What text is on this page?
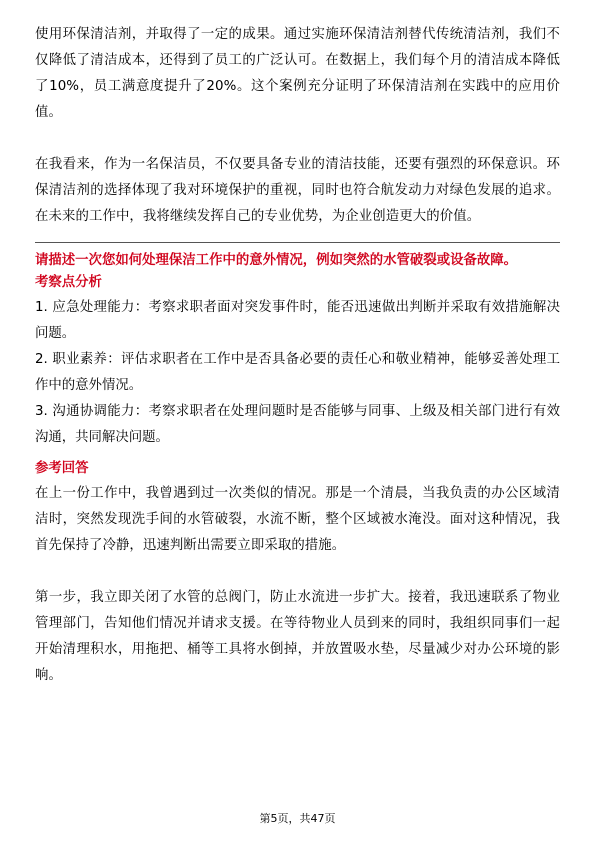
使用环保清洁剂，并取得了一定的成果。通过实施环保清洁剂替代传统清洁剂，我们不仅降低了清洁成本，还得到了员工的广泛认可。在数据上，我们每个月的清洁成本降低了10%，员工满意度提升了20%。这个案例充分证明了环保清洁剂在实践中的应用价值。

在我看来，作为一名保洁员，不仅要具备专业的清洁技能，还要有强烈的环保意识。环保清洁剂的选择体现了我对环境保护的重视，同时也符合航发动力对绿色发展的追求。在未来的工作中，我将继续发挥自己的专业优势，为企业创造更大的价值。

请描述一次您如何处理保洁工作中的意外情况，例如突然的水管破裂或设备故障。

考察点分析

1. 应急处理能力：考察求职者面对突发事件时，能否迅速做出判断并采取有效措施解决问题。

2. 职业素养：评估求职者在工作中是否具备必要的责任心和敬业精神，能够妥善处理工作中的意外情况。

3. 沟通协调能力：考察求职者在处理问题时是否能够与同事、上级及相关部门进行有效沟通，共同解决问题。

参考回答

在上一份工作中，我曾遇到过一次类似的情况。那是一个清晨，当我负责的办公区域清洁时，突然发现洗手间的水管破裂，水流不断，整个区域被水淹没。面对这种情况，我首先保持了冷静，迅速判断出需要立即采取的措施。

第一步，我立即关闭了水管的总阀门，防止水流进一步扩大。接着，我迅速联系了物业管理部门，告知他们情况并请求支援。在等待物业人员到来的同时，我组织同事们一起开始清理积水，用拖把、桶等工具将水倒掉，并放置吸水垫，尽量减少对办公环境的影响。

第5页，共47页
